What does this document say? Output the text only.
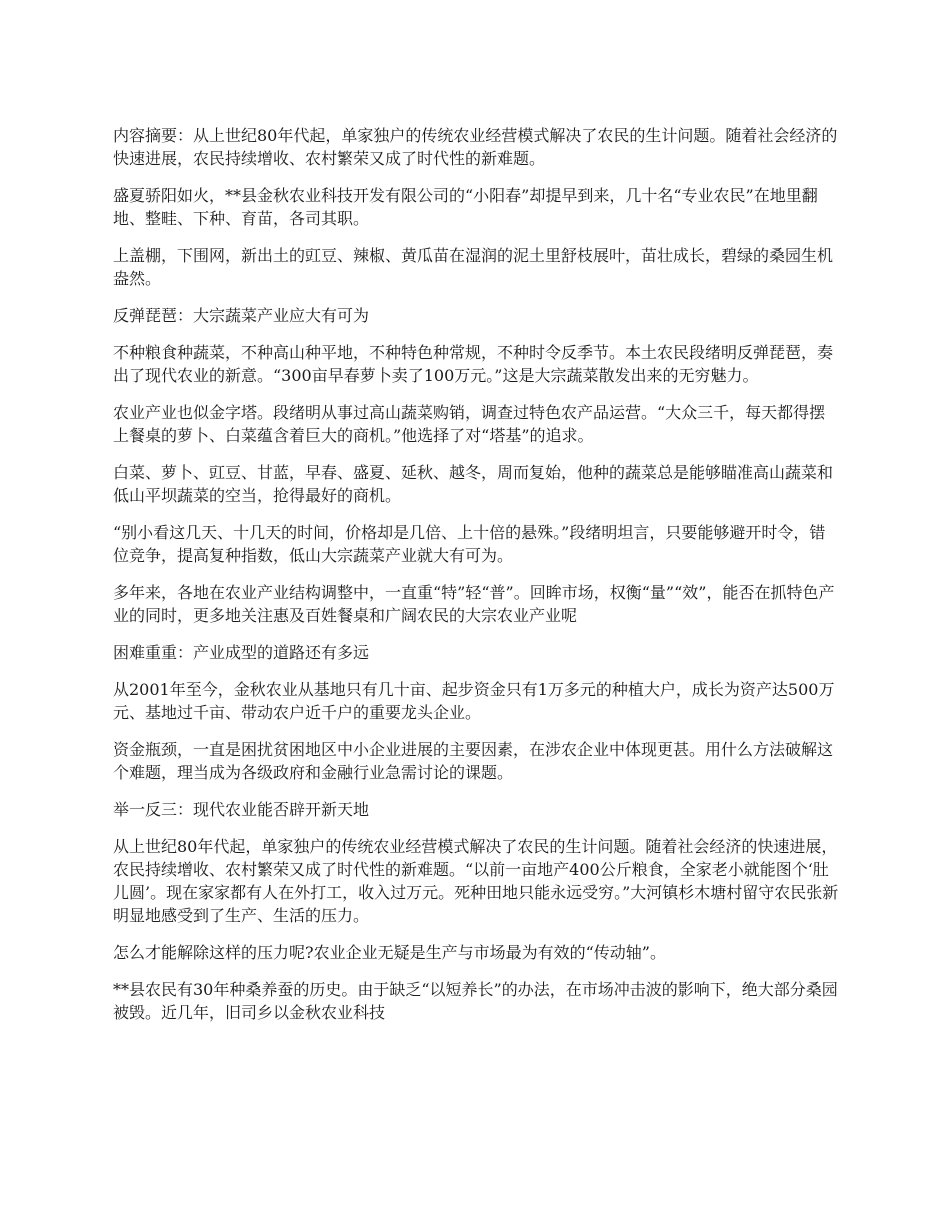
内容摘要：从上世纪80年代起，单家独户的传统农业经营模式解决了农民的生计问题。随着社会经济的快速进展，农民持续增收、农村繁荣又成了时代性的新难题。

盛夏骄阳如火，**县金秋农业科技开发有限公司的“小阳春”却提早到来，几十名“专业农民”在地里翻地、整畦、下种、育苗，各司其职。

上盖棚，下围网，新出土的豇豆、辣椒、黄瓜苗在湿润的泥土里舒枝展叶，苗壮成长，碧绿的桑园生机盎然。

反弹琵琶：大宗蔬菜产业应大有可为

不种粮食种蔬菜，不种高山种平地，不种特色种常规，不种时令反季节。本土农民段绪明反弹琵琶，奏出了现代农业的新意。“300亩早春萝卜卖了100万元。”这是大宗蔬菜散发出来的无穷魅力。

农业产业也似金字塔。段绪明从事过高山蔬菜购销，调查过特色农产品运营。“大众三千，每天都得摆上餐桌的萝卜、白菜蕴含着巨大的商机。”他选择了对“塔基”的追求。

白菜、萝卜、豇豆、甘蓝，早春、盛夏、延秋、越冬，周而复始，他种的蔬菜总是能够瞄准高山蔬菜和低山平坝蔬菜的空当，抢得最好的商机。

“别小看这几天、十几天的时间，价格却是几倍、上十倍的悬殊。”段绪明坦言，只要能够避开时令，错位竞争，提高复种指数，低山大宗蔬菜产业就大有可为。

多年来，各地在农业产业结构调整中，一直重“特”轻“普”。回眸市场，权衡“量”“效”，能否在抓特色产业的同时，更多地关注惠及百姓餐桌和广阔农民的大宗农业产业呢

困难重重：产业成型的道路还有多远

从2001年至今，金秋农业从基地只有几十亩、起步资金只有1万多元的种植大户，成长为资产达500万元、基地过千亩、带动农户近千户的重要龙头企业。

资金瓶颈，一直是困扰贫困地区中小企业进展的主要因素，在涉农企业中体现更甚。用什么方法破解这个难题，理当成为各级政府和金融行业急需讨论的课题。

举一反三：现代农业能否辟开新天地

从上世纪80年代起，单家独户的传统农业经营模式解决了农民的生计问题。随着社会经济的快速进展，农民持续增收、农村繁荣又成了时代性的新难题。“以前一亩地产400公斤粮食，全家老小就能图个‘肚儿圆’。现在家家都有人在外打工，收入过万元。死种田地只能永远受穷。”大河镇杉木塘村留守农民张新明显地感受到了生产、生活的压力。

怎么才能解除这样的压力呢?农业企业无疑是生产与市场最为有效的“传动轴”。

**县农民有30年种桑养蚕的历史。由于缺乏“以短养长”的办法，在市场冲击波的影响下，绝大部分桑园被毁。近几年，旧司乡以金秋农业科技
